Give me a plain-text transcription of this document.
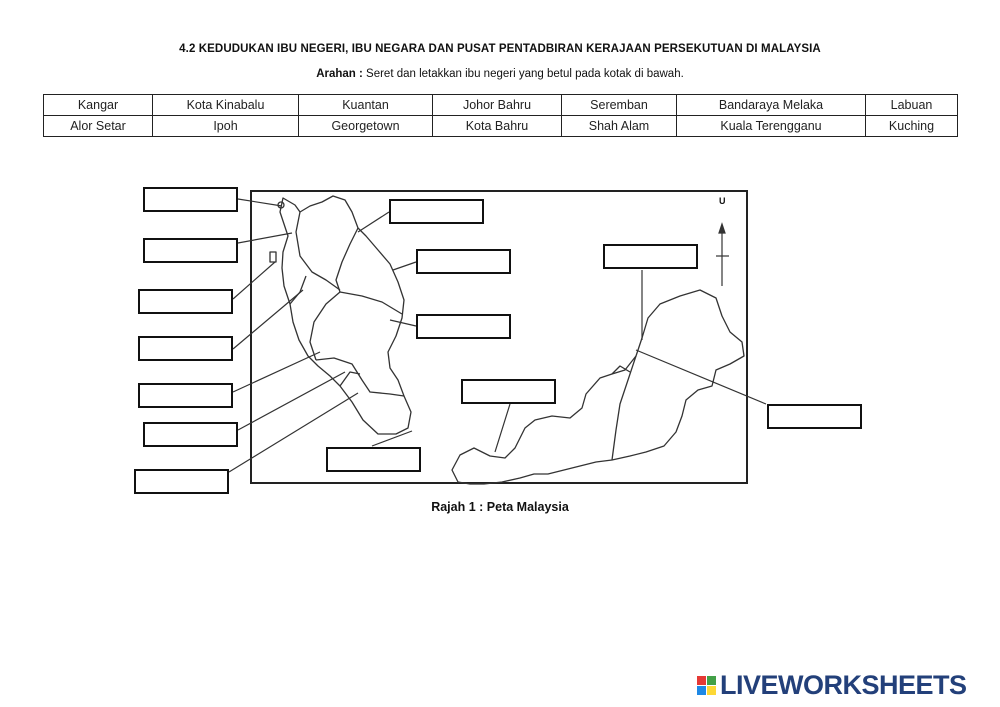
4.2 KEDUDUKAN IBU NEGERI, IBU NEGARA DAN PUSAT PENTADBIRAN KERAJAAN PERSEKUTUAN DI MALAYSIA
Arahan : Seret dan letakkan ibu negeri yang betul pada kotak di bawah.
Kangar	Kota Kinabalu	Kuantan	Johor Bahru	Seremban	Bandaraya Melaka	Labuan
Alor Setar	Ipoh	Georgetown	Kota Bahru	Shah Alam	Kuala Terengganu	Kuching
U
Rajah 1 : Peta Malaysia
LIVEWORKSHEETS
